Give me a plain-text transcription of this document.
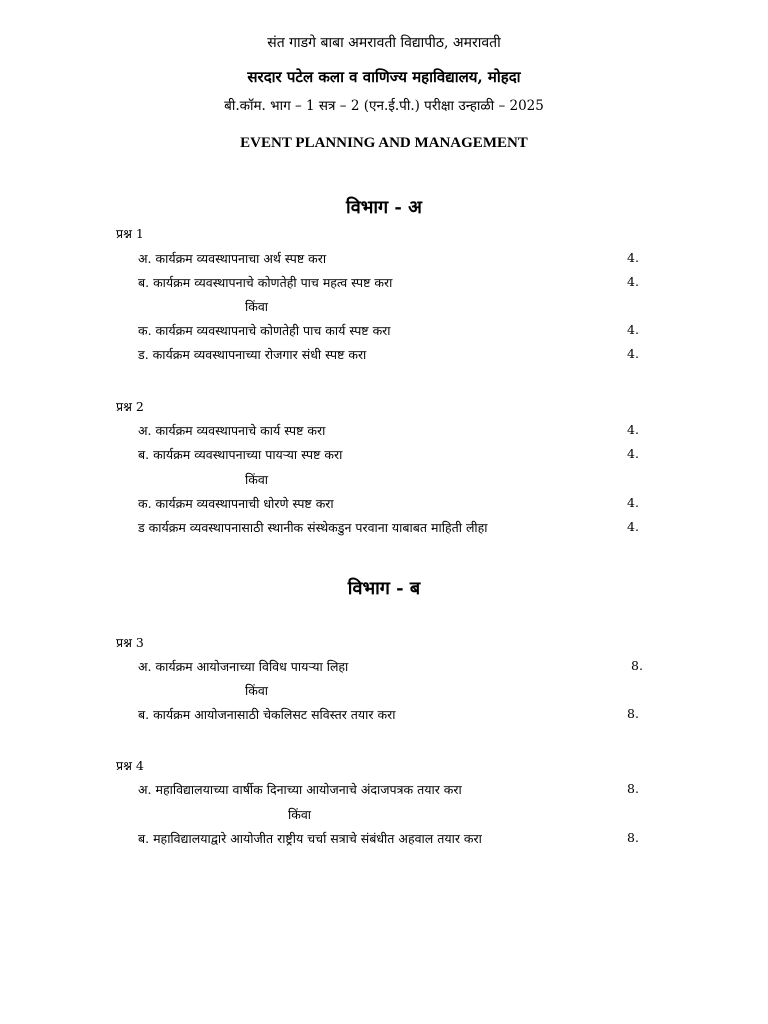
संत गाडगे बाबा अमरावती विद्यापीठ, अमरावती
सरदार पटेल कला व वाणिज्य महाविद्यालय, मोहदा
बी.कॉम. भाग – 1 सत्र – 2 (एन.ई.पी.) परीक्षा उन्हाळी – 2025
EVENT PLANNING AND MANAGEMENT
विभाग - अ
प्रश्न 1
अ. कार्यक्रम व्यवस्थापनाचा अर्थ स्पष्ट करा	4.
ब. कार्यक्रम व्यवस्थापनाचे कोणतेही पाच महत्व स्पष्ट करा	4.
किंवा
क. कार्यक्रम व्यवस्थापनाचे कोणतेही पाच कार्य स्पष्ट करा	4.
ड. कार्यक्रम व्यवस्थापनाच्या रोजगार संधी स्पष्ट करा	4.
प्रश्न 2
अ. कार्यक्रम व्यवस्थापनाचे कार्य स्पष्ट करा	4.
ब. कार्यक्रम व्यवस्थापनाच्या पायऱ्या स्पष्ट करा	4.
किंवा
क. कार्यक्रम व्यवस्थापनाची धोरणे स्पष्ट करा	4.
ड कार्यक्रम व्यवस्थापनासाठी स्थानीक संस्थेकडुन परवाना याबाबत माहिती लीहा	4.
विभाग - ब
प्रश्न 3
अ. कार्यक्रम आयोजनाच्या विविध पायऱ्या लिहा	8.
किंवा
ब. कार्यक्रम आयोजनासाठी चेकलिसट सविस्तर तयार करा	8.
प्रश्न 4
अ. महाविद्यालयाच्या वार्षीक दिनाच्या आयोजनाचे अंदाजपत्रक तयार करा	8.
किंवा
ब. महाविद्यालयाद्वारे आयोजीत राष्ट्रीय चर्चा सत्राचे संबंधीत अहवाल तयार करा	8.
